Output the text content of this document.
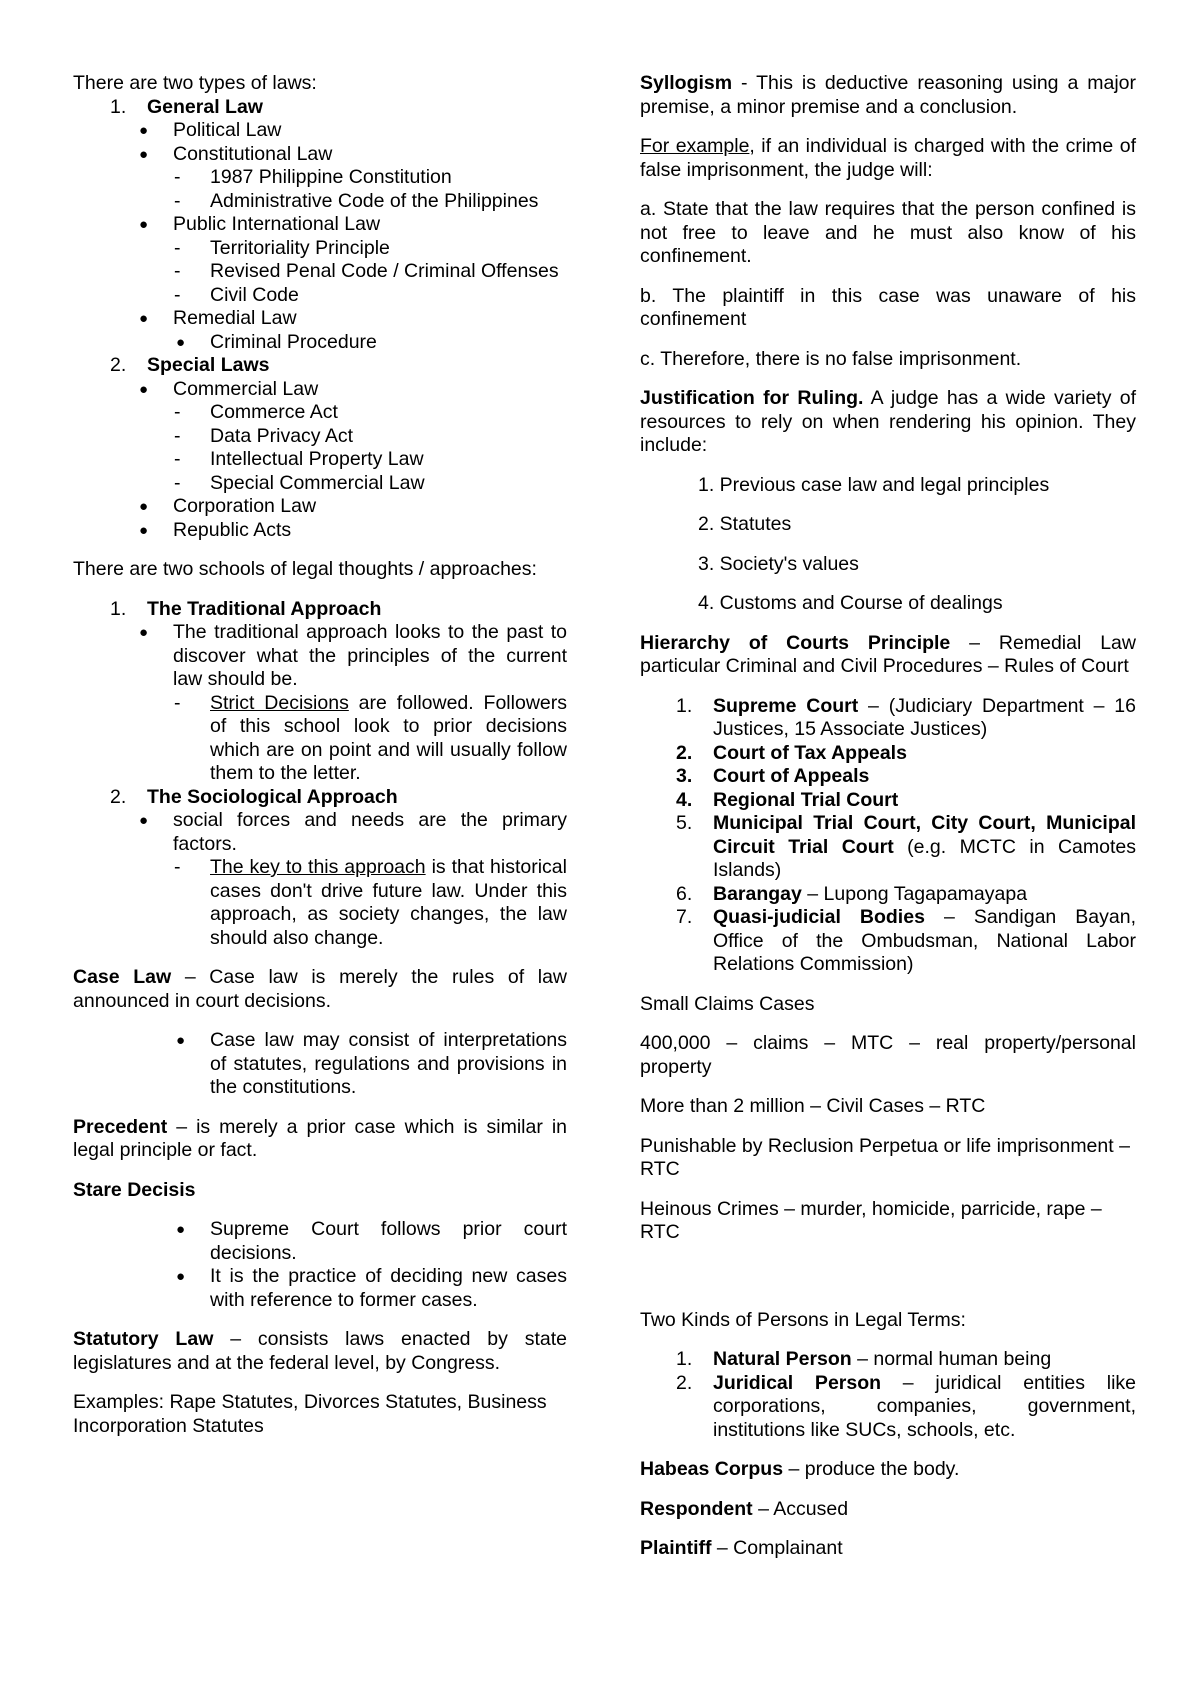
There are two types of laws:

1. General Law
● Political Law
● Constitutional Law
- 1987 Philippine Constitution
- Administrative Code of the Philippines
● Public International Law
- Territoriality Principle
- Revised Penal Code / Criminal Offenses
- Civil Code
● Remedial Law
● Criminal Procedure
2. Special Laws
● Commercial Law
- Commerce Act
- Data Privacy Act
- Intellectual Property Law
- Special Commercial Law
● Corporation Law
● Republic Acts

There are two schools of legal thoughts / approaches:

1. The Traditional Approach
● The traditional approach looks to the past to discover what the principles of the current law should be.
- Strict Decisions are followed. Followers of this school look to prior decisions which are on point and will usually follow them to the letter.
2. The Sociological Approach
● social forces and needs are the primary factors.
- The key to this approach is that historical cases don't drive future law. Under this approach, as society changes, the law should also change.

Case Law – Case law is merely the rules of law announced in court decisions.

● Case law may consist of interpretations of statutes, regulations and provisions in the constitutions.

Precedent – is merely a prior case which is similar in legal principle or fact.

Stare Decisis

● Supreme Court follows prior court decisions.
● It is the practice of deciding new cases with reference to former cases.

Statutory Law – consists laws enacted by state legislatures and at the federal level, by Congress.

Examples: Rape Statutes, Divorces Statutes, Business Incorporation Statutes

Syllogism - This is deductive reasoning using a major premise, a minor premise and a conclusion.

For example, if an individual is charged with the crime of false imprisonment, the judge will:

a. State that the law requires that the person confined is not free to leave and he must also know of his confinement.

b. The plaintiff in this case was unaware of his confinement

c. Therefore, there is no false imprisonment.

Justification for Ruling. A judge has a wide variety of resources to rely on when rendering his opinion. They include:

1. Previous case law and legal principles

2. Statutes

3. Society's values

4. Customs and Course of dealings

Hierarchy of Courts Principle – Remedial Law particular Criminal and Civil Procedures – Rules of Court

1. Supreme Court – (Judiciary Department – 16 Justices, 15 Associate Justices)
2. Court of Tax Appeals
3. Court of Appeals
4. Regional Trial Court
5. Municipal Trial Court, City Court, Municipal Circuit Trial Court (e.g. MCTC in Camotes Islands)
6. Barangay – Lupong Tagapamayapa
7. Quasi-judicial Bodies – Sandigan Bayan, Office of the Ombudsman, National Labor Relations Commission)

Small Claims Cases

400,000 – claims – MTC – real property/personal property

More than 2 million – Civil Cases – RTC

Punishable by Reclusion Perpetua or life imprisonment – RTC

Heinous Crimes – murder, homicide, parricide, rape – RTC

Two Kinds of Persons in Legal Terms:

1. Natural Person – normal human being
2. Juridical Person – juridical entities like corporations, companies, government, institutions like SUCs, schools, etc.

Habeas Corpus – produce the body.

Respondent – Accused

Plaintiff – Complainant
